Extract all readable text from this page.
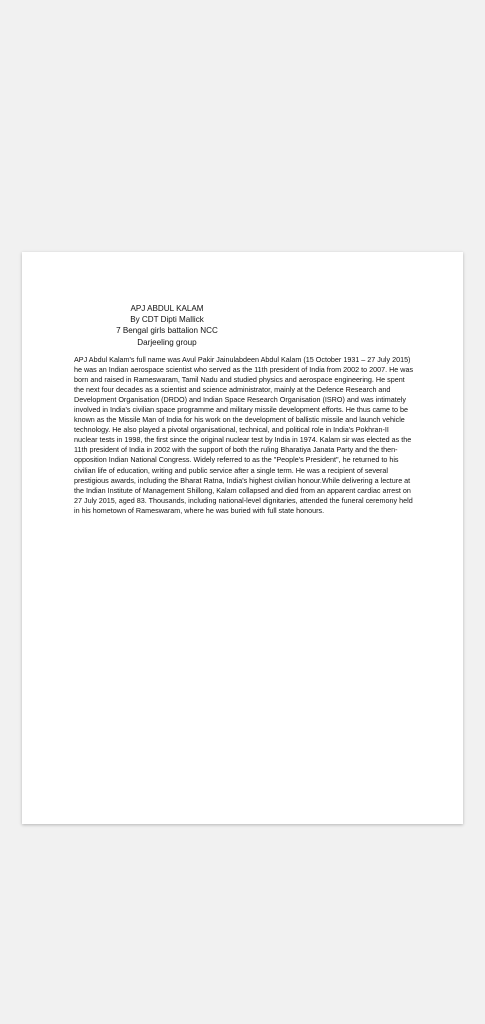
APJ ABDUL KALAM
By CDT Dipti Mallick
7 Bengal girls battalion NCC
Darjeeling group

APJ Abdul Kalam's full name was Avul Pakir Jainulabdeen Abdul Kalam (15 October 1931 – 27 July 2015) he was an Indian aerospace scientist who served as the 11th president of India from 2002 to 2007. He was born and raised in Rameswaram, Tamil Nadu and studied physics and aerospace engineering. He spent the next four decades as a scientist and science administrator, mainly at the Defence Research and Development Organisation (DRDO) and Indian Space Research Organisation (ISRO) and was intimately involved in India's civilian space programme and military missile development efforts. He thus came to be known as the Missile Man of India for his work on the development of ballistic missile and launch vehicle technology. He also played a pivotal organisational, technical, and political role in India's Pokhran-II nuclear tests in 1998, the first since the original nuclear test by India in 1974. Kalam sir was elected as the 11th president of India in 2002 with the support of both the ruling Bharatiya Janata Party and the then-opposition Indian National Congress. Widely referred to as the "People's President", he returned to his civilian life of education, writing and public service after a single term. He was a recipient of several prestigious awards, including the Bharat Ratna, India's highest civilian honour.While delivering a lecture at the Indian Institute of Management Shillong, Kalam collapsed and died from an apparent cardiac arrest on 27 July 2015, aged 83. Thousands, including national-level dignitaries, attended the funeral ceremony held in his hometown of Rameswaram, where he was buried with full state honours.
